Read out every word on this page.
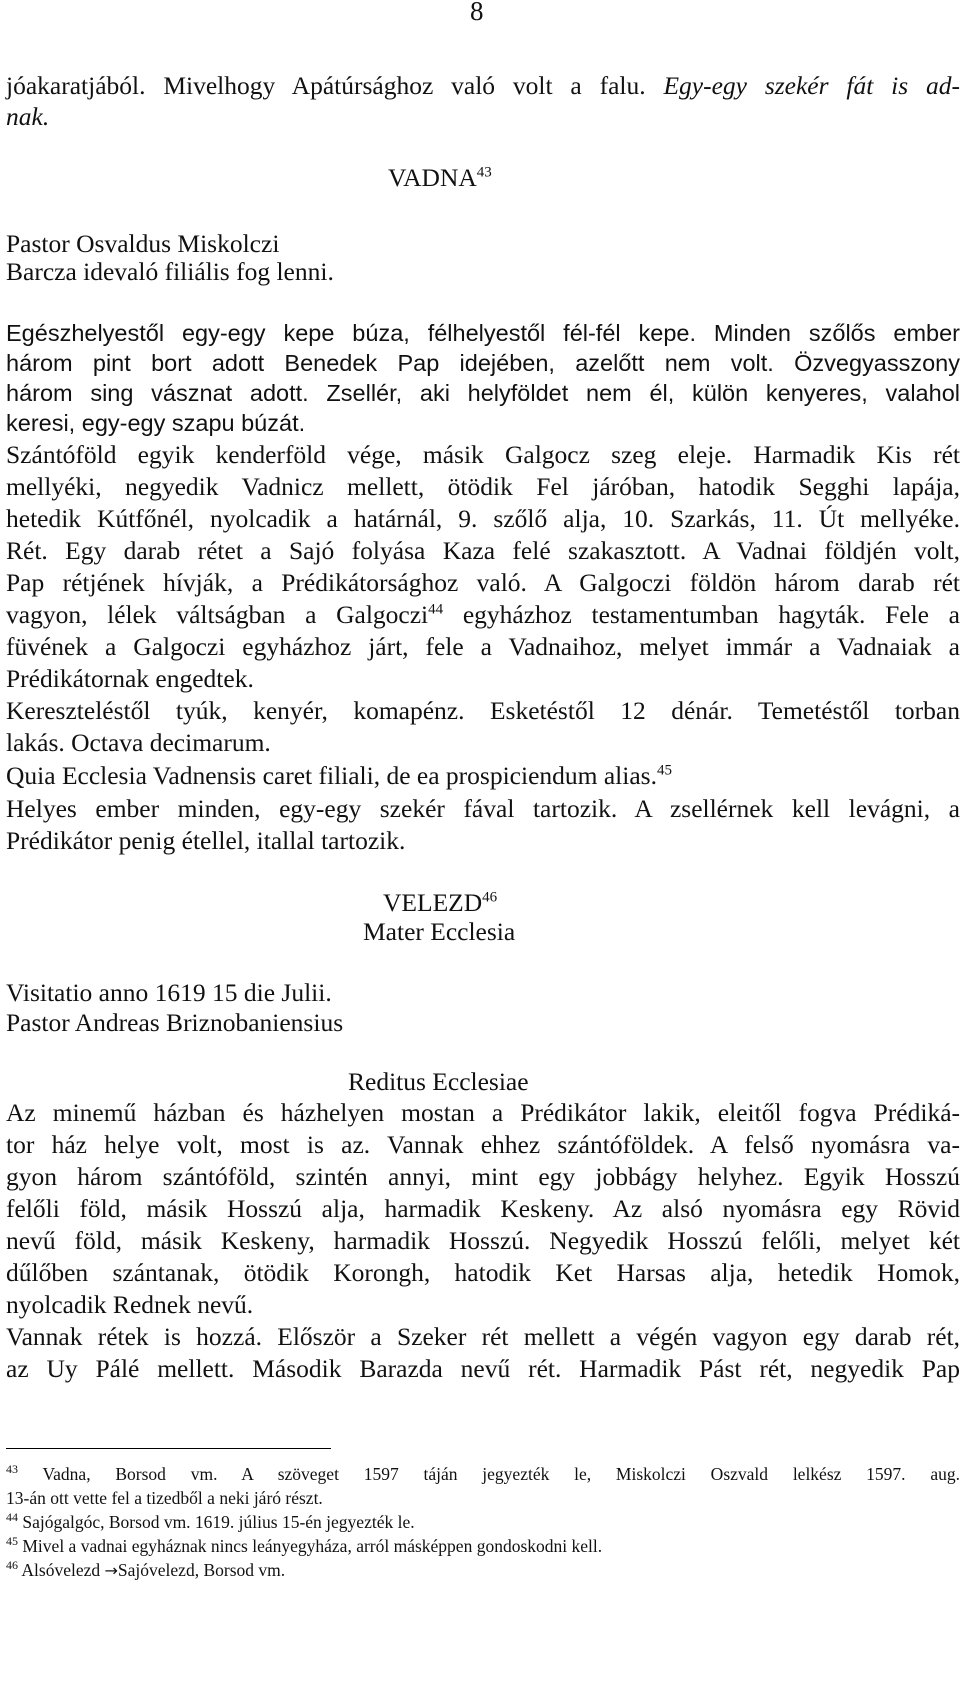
8
jóakaratjából. Mivelhogy Apátúrsághoz való volt a falu. Egy-egy szekér fát is ad-
nak.
VADNA$^{43}$
Pastor Osvaldus Miskolczi
Barcza idevaló filiális fog lenni.
Egészhelyestől egy-egy kepe búza, félhelyestől fél-fél kepe. Minden szőlős ember
három pint bort adott Benedek Pap idejében, azelőtt nem volt. Özvegyasszony
három sing vásznat adott. Zsellér, aki helyföldet nem él, külön kenyeres, valahol
keresi, egy-egy szapu búzát.
Szántóföld egyik kenderföld vége, másik Galgocz szeg eleje. Harmadik Kis rét
mellyéki, negyedik Vadnicz mellett, ötödik Fel járóban, hatodik Segghi lapája,
hetedik Kútfőnél, nyolcadik a határnál, 9. szőlő alja, 10. Szarkás, 11. Út mellyéke.
Rét. Egy darab rétet a Sajó folyása Kaza felé szakasztott. A Vadnai földjén volt,
Pap rétjének hívják, a Prédikátorsághoz való. A Galgoczi földön három darab rét
vagyon, lélek váltságban a Galgoczi$^{44}$ egyházhoz testamentumban hagyták. Fele a
füvének a Galgoczi egyházhoz járt, fele a Vadnaihoz, melyet immár a Vadnaiak a
Prédikátornak engedtek.
Kereszteléstől tyúk, kenyér, komapénz. Esketéstől 12 dénár. Temetéstől torban
lakás. Octava decimarum.
Quia Ecclesia Vadnensis caret filiali, de ea prospiciendum alias.$^{45}$
Helyes ember minden, egy-egy szekér fával tartozik. A zsellérnek kell levágni, a
Prédikátor penig étellel, itallal tartozik.
VELEZD$^{46}$
Mater Ecclesia
Visitatio anno 1619 15 die Julii.
Pastor Andreas Briznobaniensius
Reditus Ecclesiae
Az minemű házban és házhelyen mostan a Prédikátor lakik, eleitől fogva Prédiká-
tor ház helye volt, most is az. Vannak ehhez szántóföldek. A felső nyomásra va-
gyon három szántóföld, szintén annyi, mint egy jobbágy helyhez. Egyik Hosszú
felőli föld, másik Hosszú alja, harmadik Keskeny. Az alsó nyomásra egy Rövid
nevű föld, másik Keskeny, harmadik Hosszú. Negyedik Hosszú felőli, melyet két
dűlőben szántanak, ötödik Korongh, hatodik Ket Harsas alja, hetedik Homok,
nyolcadik Rednek nevű.
Vannak rétek is hozzá. Először a Szeker rét mellett a végén vagyon egy darab rét,
az Uy Pálé mellett. Második Barazda nevű rét. Harmadik Pást rét, negyedik Pap
$^{43}$ Vadna, Borsod vm. A szöveget 1597 táján jegyezték le, Miskolczi Oszvald lelkész 1597. aug.
13-án ott vette fel a tizedből a neki járó részt.
$^{44}$ Sajógalgóc, Borsod vm. 1619. július 15-én jegyezték le.
$^{45}$ Mivel a vadnai egyháznak nincs leányegyháza, arról másképpen gondoskodni kell.
$^{46}$ Alsóvelezd →Sajóvelezd, Borsod vm.
